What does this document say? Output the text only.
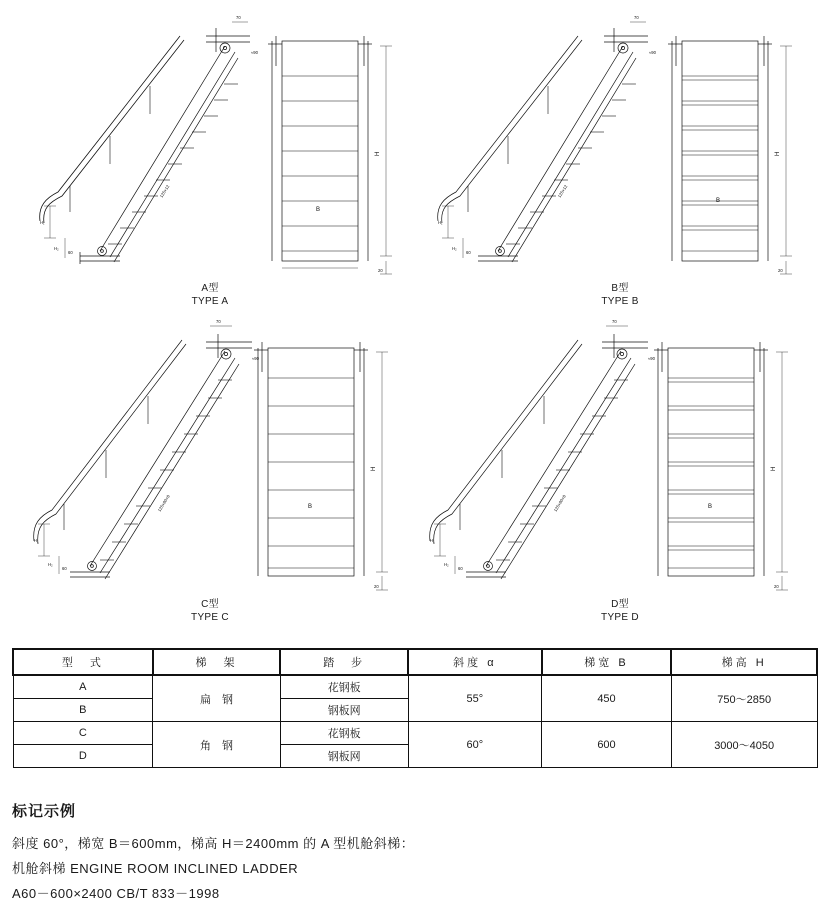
70
≈90
H
20
B
H₁
H₂
60
125×12
A型
TYPE A
70
≈90
H
20
B
H₁
H₂
60
125×12
B型
TYPE B
70
≈90
H
20
B
H₁
H₂
60
125×80×8
C型
TYPE C
70
≈90
H
20
B
H₁
H₂
60
125×80×8
D型
TYPE D
型　式	梯　架	踏　步	斜度 α	梯宽 B	梯高 H
A	扁　钢	花钢板	55°	450	750～2850
B		钢板网			
C	角　钢	花钢板	60°	600	3000～4050
D		钢板网			
标记示例
斜度 60°，梯宽 B＝600mm，梯高 H＝2400mm 的 A 型机舱斜梯：
机舱斜梯 ENGINE ROOM INCLINED LADDER
A60－600×2400 CB/T 833－1998
